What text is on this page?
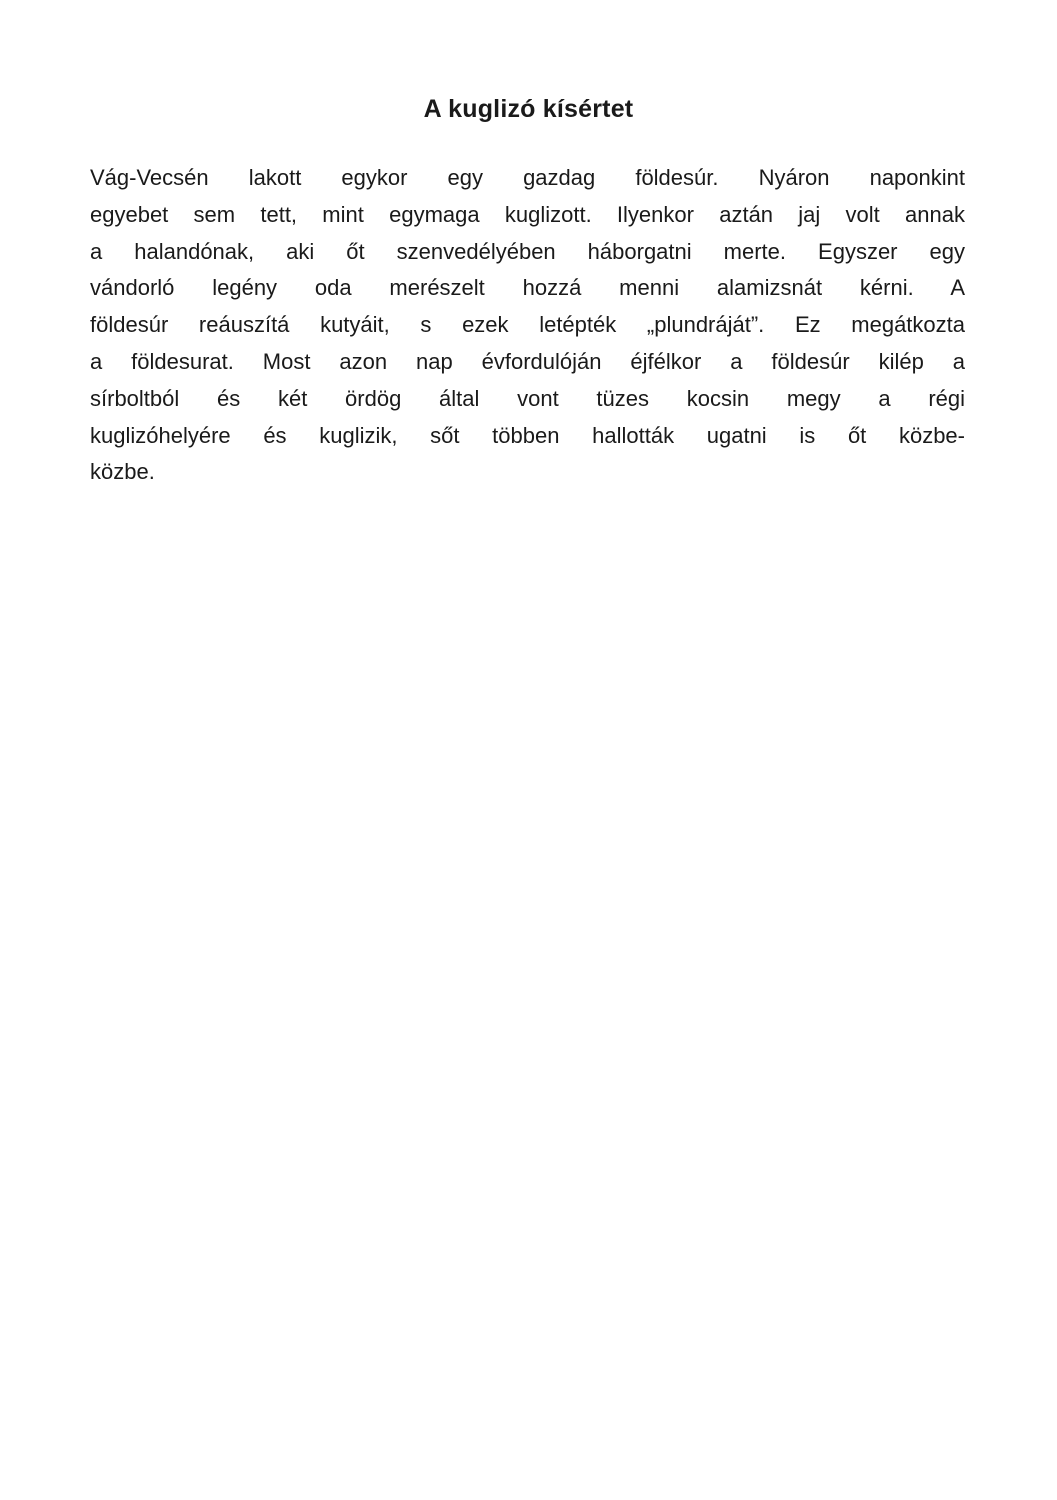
A kuglizó kísértet
Vág-Vecsén lakott egykor egy gazdag földesúr. Nyáron naponkint
egyebet sem tett, mint egymaga kuglizott. Ilyenkor aztán jaj volt annak
a halandónak, aki őt szenvedélyében háborgatni merte. Egyszer egy
vándorló legény oda merészelt hozzá menni alamizsnát kérni. A
földesúr reáuszítá kutyáit, s ezek letépték „plundráját”. Ez megátkozta
a földesurat. Most azon nap évfordulóján éjfélkor a földesúr kilép a
sírboltból és két ördög által vont tüzes kocsin megy a régi
kuglizóhelyére és kuglizik, sőt többen hallották ugatni is őt közbe-
közbe.
